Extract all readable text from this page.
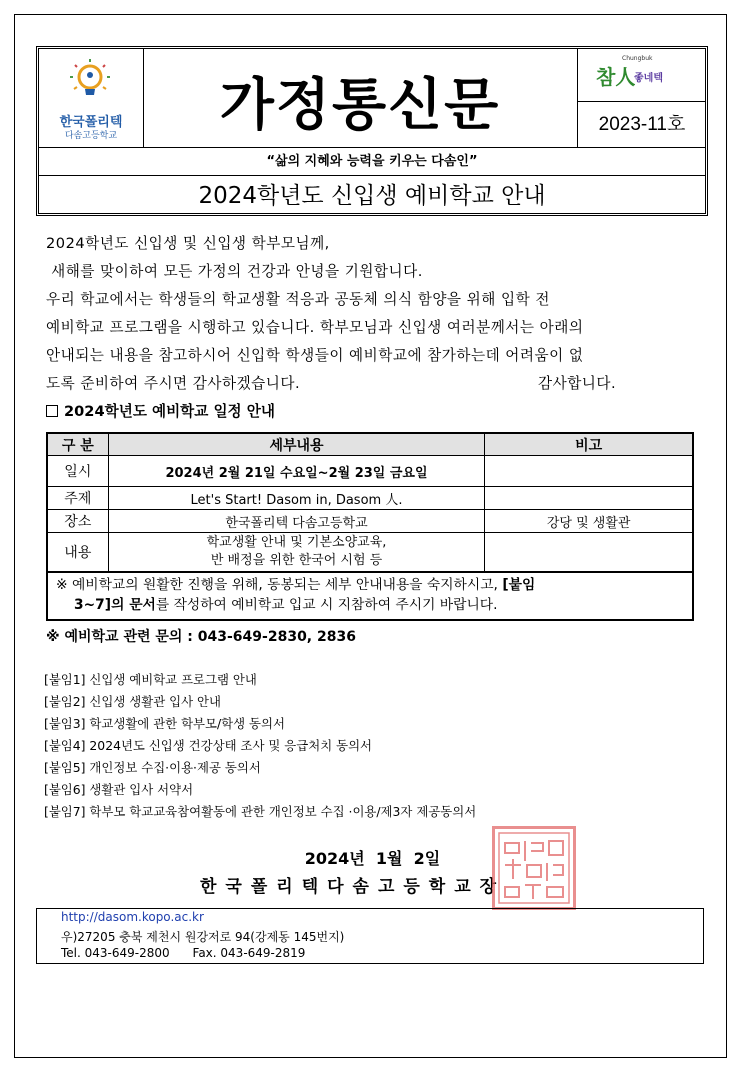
한국폴리텍
다솜고등학교	가정통신문
Chungbuk
참人
좋네텍
2023-11호
“삶의 지혜와 능력을 키우는 다솜인”
2024학년도 신입생 예비학교 안내
2024학년도 신입생 및 신입생 학부모님께,
새해를 맞이하여 모든 가정의 건강과 안녕을 기원합니다.
우리 학교에서는 학생들의 학교생활 적응과 공동체 의식 함양을 위해 입학 전
예비학교 프로그램을 시행하고 있습니다. 학부모님과 신입생 여러분께서는 아래의
안내되는 내용을 참고하시어 신입학 학생들이 예비학교에 참가하는데 어려움이 없
도록 준비하여 주시면 감사하겠습니다.	감사합니다.
2024학년도 예비학교 일정 안내
구 분	세부내용	비고
일시	2024년 2월 21일 수요일~2월 23일 금요일	
주제	Let's Start! Dasom in, Dasom 人.	
장소	한국폴리텍 다솜고등학교	강당 및 생활관
내용	학교생활 안내 및 기본소양교육,
반 배정을 위한 한국어 시험 등	

※ 예비학교의 원활한 진행을 위해, 동봉되는 세부 안내내용을 숙지하시고, [붙임
3~7]의 문서를 작성하여 예비학교 입교 시 지참하여 주시기 바랍니다.		
※ 예비학교 관련 문의 : 043-649-2830, 2836
[붙임1] 신입생 예비학교 프로그램 안내
[붙임2] 신입생 생활관 입사 안내
[붙임3] 학교생활에 관한 학부모/학생 동의서
[붙임4] 2024년도 신입생 건강상태 조사 및 응급처치 동의서
[붙임5] 개인정보 수집·이용·제공 동의서
[붙임6] 생활관 입사 서약서
[붙임7] 학부모 학교교육참여활동에 관한 개인정보 수집 ·이용/제3자 제공동의서
2024년  1월  2일
한국폴리텍다솜고등학교장
http://dasom.kopo.ac.kr
우)27205 충북 제천시 원강저로 94(강제동 145번지)
Tel. 043-649-2800      Fax. 043-649-2819
